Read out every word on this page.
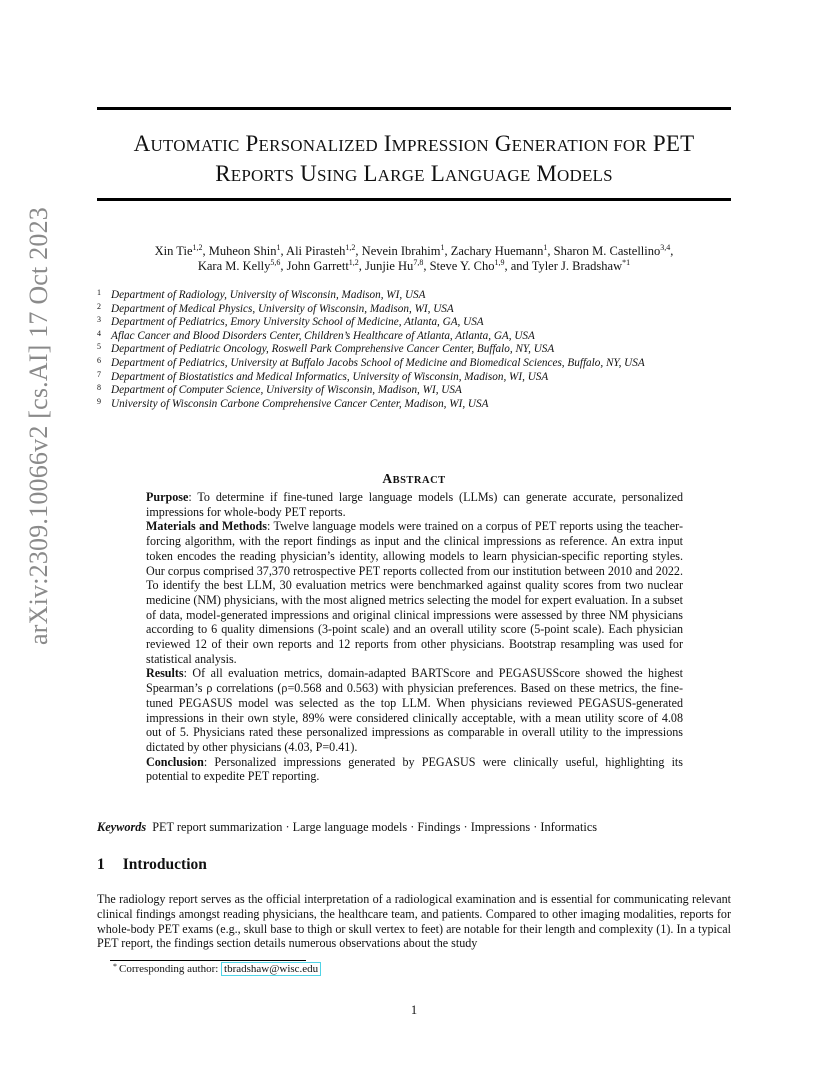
AUTOMATIC PERSONALIZED IMPRESSION GENERATION FOR PET
REPORTS USING LARGE LANGUAGE MODELS
Xin Tie$^{1,2}$, Muheon Shin$^1$, Ali Pirasteh$^{1,2}$, Nevein Ibrahim$^1$, Zachary Huemann$^1$, Sharon M. Castellino$^{3,4}$,
Kara M. Kelly$^{5,6}$, John Garrett$^{1,2}$, Junjie Hu$^{7,8}$, Steve Y. Cho$^{1,9}$, and Tyler J. Bradshaw$^{*1}$
1 Department of Radiology, University of Wisconsin, Madison, WI, USA
2 Department of Medical Physics, University of Wisconsin, Madison, WI, USA
3 Department of Pediatrics, Emory University School of Medicine, Atlanta, GA, USA
4 Aflac Cancer and Blood Disorders Center, Children’s Healthcare of Atlanta, Atlanta, GA, USA
5 Department of Pediatric Oncology, Roswell Park Comprehensive Cancer Center, Buffalo, NY, USA
6 Department of Pediatrics, University at Buffalo Jacobs School of Medicine and Biomedical Sciences, Buffalo, NY, USA
7 Department of Biostatistics and Medical Informatics, University of Wisconsin, Madison, WI, USA
8 Department of Computer Science, University of Wisconsin, Madison, WI, USA
9 University of Wisconsin Carbone Comprehensive Cancer Center, Madison, WI, USA
arXiv:2309.10066v2 [cs.AI] 17 Oct 2023	ABSTRACT

Purpose: To determine if fine-tuned large language models (LLMs) can generate accurate, personalized impressions for whole-body PET reports.

Materials and Methods: Twelve language models were trained on a corpus of PET reports using the teacher-forcing algorithm, with the report findings as input and the clinical impressions as reference. An extra input token encodes the reading physician’s identity, allowing models to learn physician-specific reporting styles. Our corpus comprised 37,370 retrospective PET reports collected from our institution between 2010 and 2022. To identify the best LLM, 30 evaluation metrics were benchmarked against quality scores from two nuclear medicine (NM) physicians, with the most aligned metrics selecting the model for expert evaluation. In a subset of data, model-generated impressions and original clinical impressions were assessed by three NM physicians according to 6 quality dimensions (3-point scale) and an overall utility score (5-point scale). Each physician reviewed 12 of their own reports and 12 reports from other physicians. Bootstrap resampling was used for statistical analysis.

Results: Of all evaluation metrics, domain-adapted BARTScore and PEGASUSScore showed the highest Spearman’s ρ correlations (ρ=0.568 and 0.563) with physician preferences. Based on these metrics, the fine-tuned PEGASUS model was selected as the top LLM. When physicians reviewed PEGASUS-generated impressions in their own style, 89% were considered clinically acceptable, with a mean utility score of 4.08 out of 5. Physicians rated these personalized impressions as comparable in overall utility to the impressions dictated by other physicians (4.03, P=0.41).

Conclusion: Personalized impressions generated by PEGASUS were clinically useful, highlighting its potential to expedite PET reporting.

Keywords PET report summarization · Large language models · Findings · Impressions · Informatics
1 Introduction
The radiology report serves as the official interpretation of a radiological examination and is essential for communicating relevant clinical findings amongst reading physicians, the healthcare team, and patients. Compared to other imaging modalities, reports for whole-body PET exams (e.g., skull base to thigh or skull vertex to feet) are notable for their length and complexity (1). In a typical PET report, the findings section details numerous observations about the study
* Corresponding author: tbradshaw@wisc.edu
1
